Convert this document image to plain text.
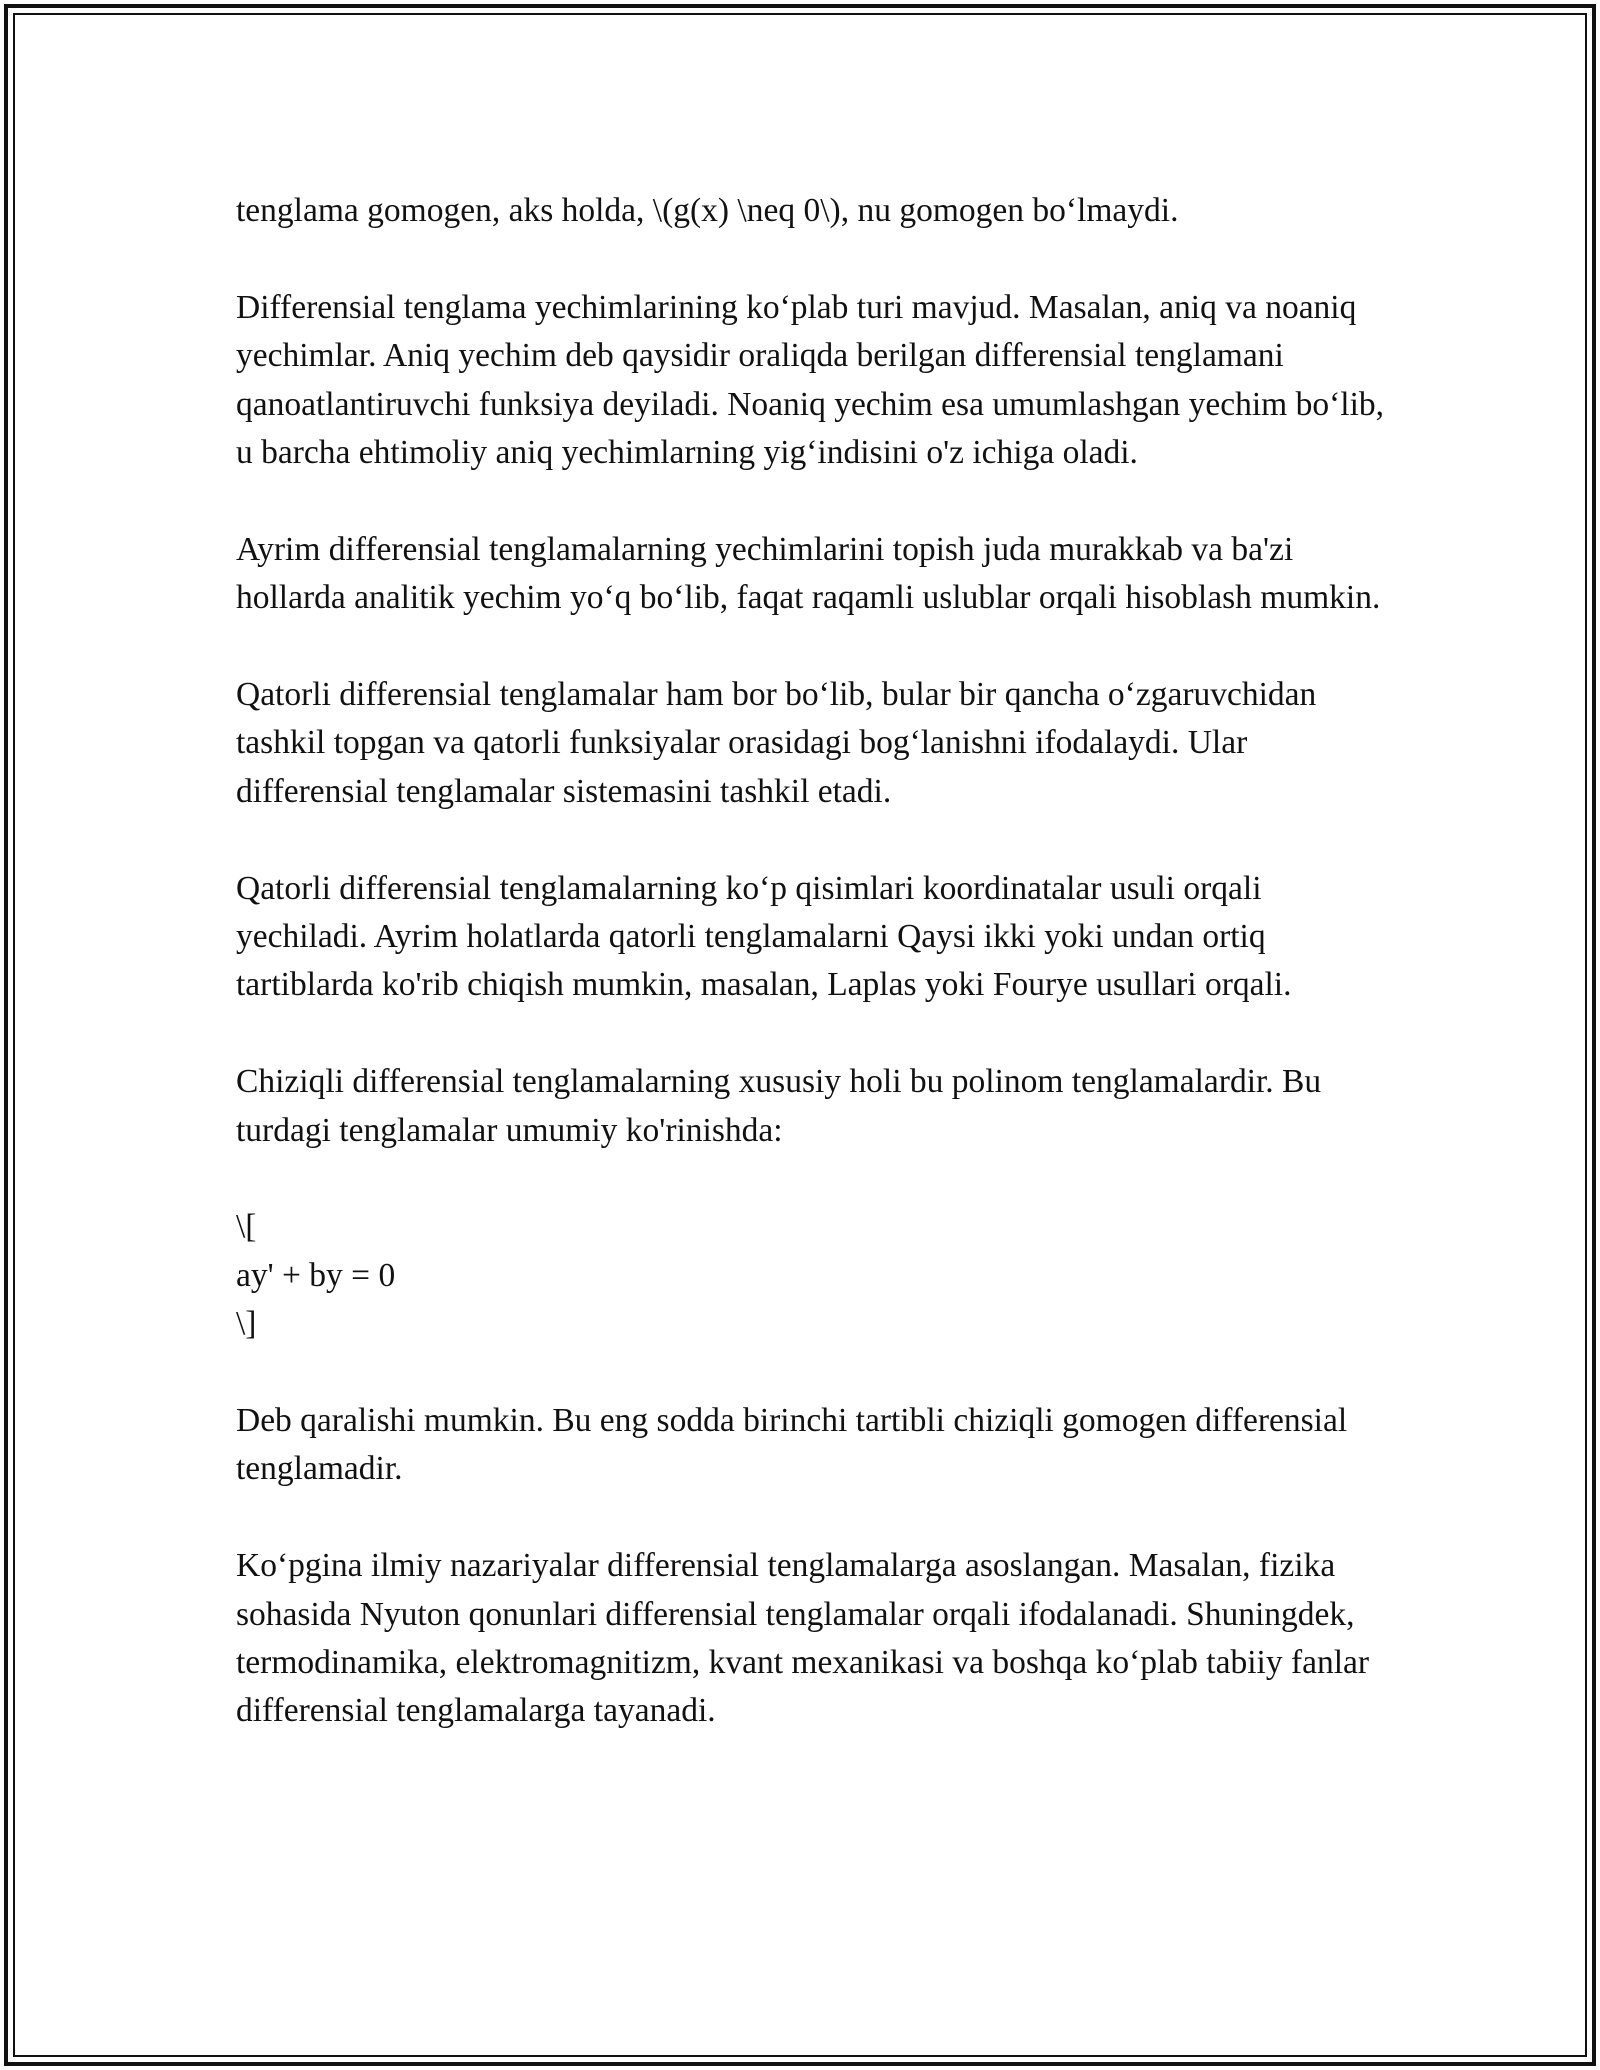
tenglama gomogen, aks holda, \(g(x) \neq 0\), nu gomogen bo‘lmaydi.

Differensial tenglama yechimlarining ko‘plab turi mavjud. Masalan, aniq va noaniq yechimlar. Aniq yechim deb qaysidir oraliqda berilgan differensial tenglamani qanoatlantiruvchi funksiya deyiladi. Noaniq yechim esa umumlashgan yechim bo‘lib, u barcha ehtimoliy aniq yechimlarning yig‘indisini o'z ichiga oladi.

Ayrim differensial tenglamalarning yechimlarini topish juda murakkab va ba'zi hollarda analitik yechim yo‘q bo‘lib, faqat raqamli uslublar orqali hisoblash mumkin.

Qatorli differensial tenglamalar ham bor bo‘lib, bular bir qancha o‘zgaruvchidan tashkil topgan va qatorli funksiyalar orasidagi bog‘lanishni ifodalaydi. Ular differensial tenglamalar sistemasini tashkil etadi.

Qatorli differensial tenglamalarning ko‘p qisimlari koordinatalar usuli orqali yechiladi. Ayrim holatlarda qatorli tenglamalarni Qaysi ikki yoki undan ortiq tartiblarda ko'rib chiqish mumkin, masalan, Laplas yoki Fourye usullari orqali.

Chiziqli differensial tenglamalarning xususiy holi bu polinom tenglamalardir. Bu turdagi tenglamalar umumiy ko'rinishda:

\[
ay' + by = 0
\]

Deb qaralishi mumkin. Bu eng sodda birinchi tartibli chiziqli gomogen differensial tenglamadir.

Ko‘pgina ilmiy nazariyalar differensial tenglamalarga asoslangan. Masalan, fizika sohasida Nyuton qonunlari differensial tenglamalar orqali ifodalanadi. Shuningdek, termodinamika, elektromagnitizm, kvant mexanikasi va boshqa ko‘plab tabiiy fanlar differensial tenglamalarga tayanadi.
